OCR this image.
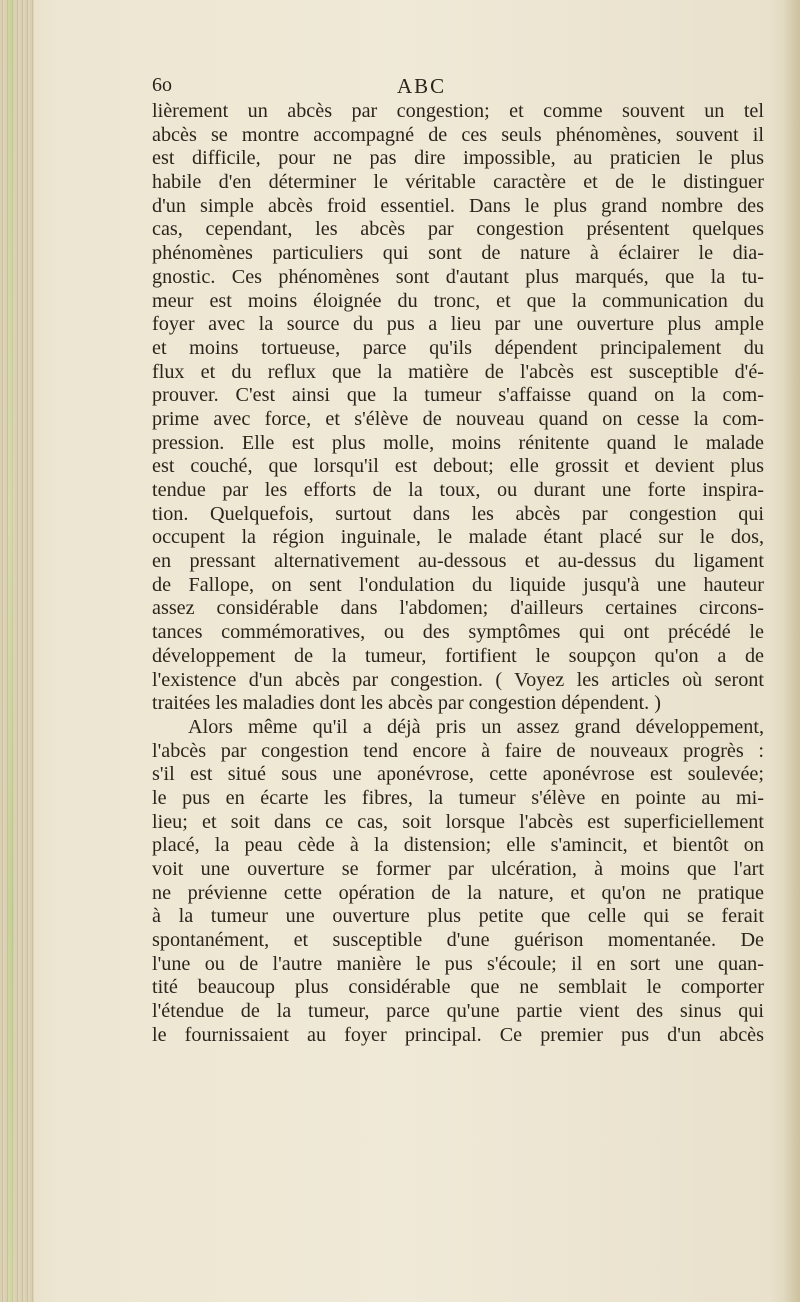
6o	ABC
lièrement un abcès par congestion; et comme souvent un tel
abcès se montre accompagné de ces seuls phénomènes, souvent il
est difficile, pour ne pas dire impossible, au praticien le plus
habile d'en déterminer le véritable caractère et de le distinguer
d'un simple abcès froid essentiel. Dans le plus grand nombre des
cas, cependant, les abcès par congestion présentent quelques
phénomènes particuliers qui sont de nature à éclairer le dia-
gnostic. Ces phénomènes sont d'autant plus marqués, que la tu-
meur est moins éloignée du tronc, et que la communication du
foyer avec la source du pus a lieu par une ouverture plus ample
et moins tortueuse, parce qu'ils dépendent principalement du
flux et du reflux que la matière de l'abcès est susceptible d'é-
prouver. C'est ainsi que la tumeur s'affaisse quand on la com-
prime avec force, et s'élève de nouveau quand on cesse la com-
pression. Elle est plus molle, moins rénitente quand le malade
est couché, que lorsqu'il est debout; elle grossit et devient plus
tendue par les efforts de la toux, ou durant une forte inspira-
tion. Quelquefois, surtout dans les abcès par congestion qui
occupent la région inguinale, le malade étant placé sur le dos,
en pressant alternativement au-dessous et au-dessus du ligament
de Fallope, on sent l'ondulation du liquide jusqu'à une hauteur
assez considérable dans l'abdomen; d'ailleurs certaines circons-
tances commémoratives, ou des symptômes qui ont précédé le
développement de la tumeur, fortifient le soupçon qu'on a de
l'existence d'un abcès par congestion. ( Voyez les articles où seront
traitées les maladies dont les abcès par congestion dépendent. )
Alors même qu'il a déjà pris un assez grand développement,
l'abcès par congestion tend encore à faire de nouveaux progrès :
s'il est situé sous une aponévrose, cette aponévrose est soulevée;
le pus en écarte les fibres, la tumeur s'élève en pointe au mi-
lieu; et soit dans ce cas, soit lorsque l'abcès est superficiellement
placé, la peau cède à la distension; elle s'amincit, et bientôt on
voit une ouverture se former par ulcération, à moins que l'art
ne prévienne cette opération de la nature, et qu'on ne pratique
à la tumeur une ouverture plus petite que celle qui se ferait
spontanément, et susceptible d'une guérison momentanée. De
l'une ou de l'autre manière le pus s'écoule; il en sort une quan-
tité beaucoup plus considérable que ne semblait le comporter
l'étendue de la tumeur, parce qu'une partie vient des sinus qui
le fournissaient au foyer principal. Ce premier pus d'un abcès
